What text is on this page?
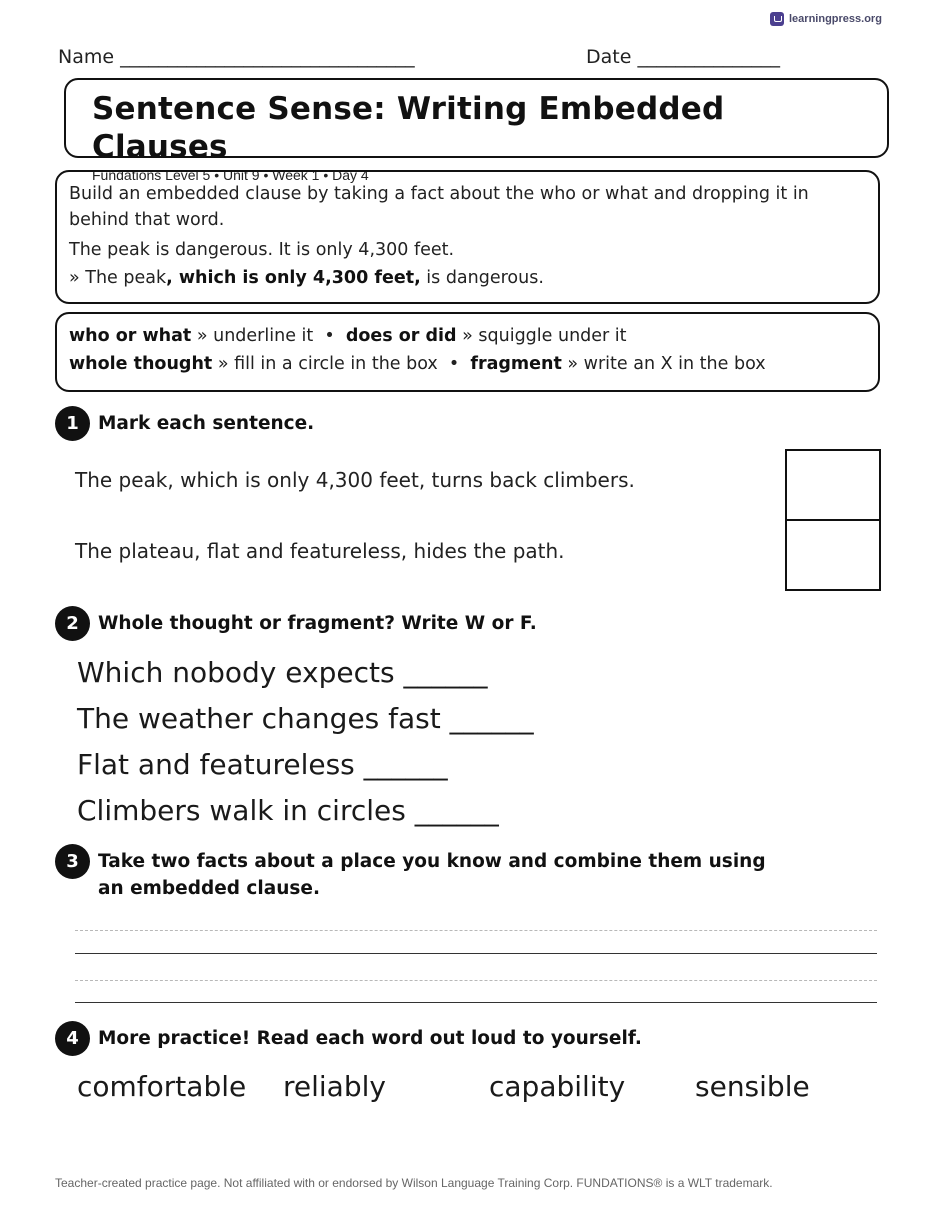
learningpress.org
Name _______________________________	Date _______________
Sentence Sense: Writing Embedded Clauses
Fundations Level 5 • Unit 9 • Week 1 • Day 4
Build an embedded clause by taking a fact about the who or what and dropping it in behind that word.
The peak is dangerous. It is only 4,300 feet.
» The peak, which is only 4,300 feet, is dangerous.
who or what » underline it  •  does or did » squiggle under it
whole thought » fill in a circle in the box  •  fragment » write an X in the box
1	Mark each sentence.
The peak, which is only 4,300 feet, turns back climbers.
The plateau, flat and featureless, hides the path.
2	Whole thought or fragment? Write W or F.
Which nobody expects ______
The weather changes fast ______
Flat and featureless ______
Climbers walk in circles ______
3	Take two facts about a place you know and combine them using an embedded clause.
4	More practice! Read each word out loud to yourself.
comfortable reliably	capability sensible
Teacher-created practice page. Not affiliated with or endorsed by Wilson Language Training Corp. FUNDATIONS® is a WLT trademark.
